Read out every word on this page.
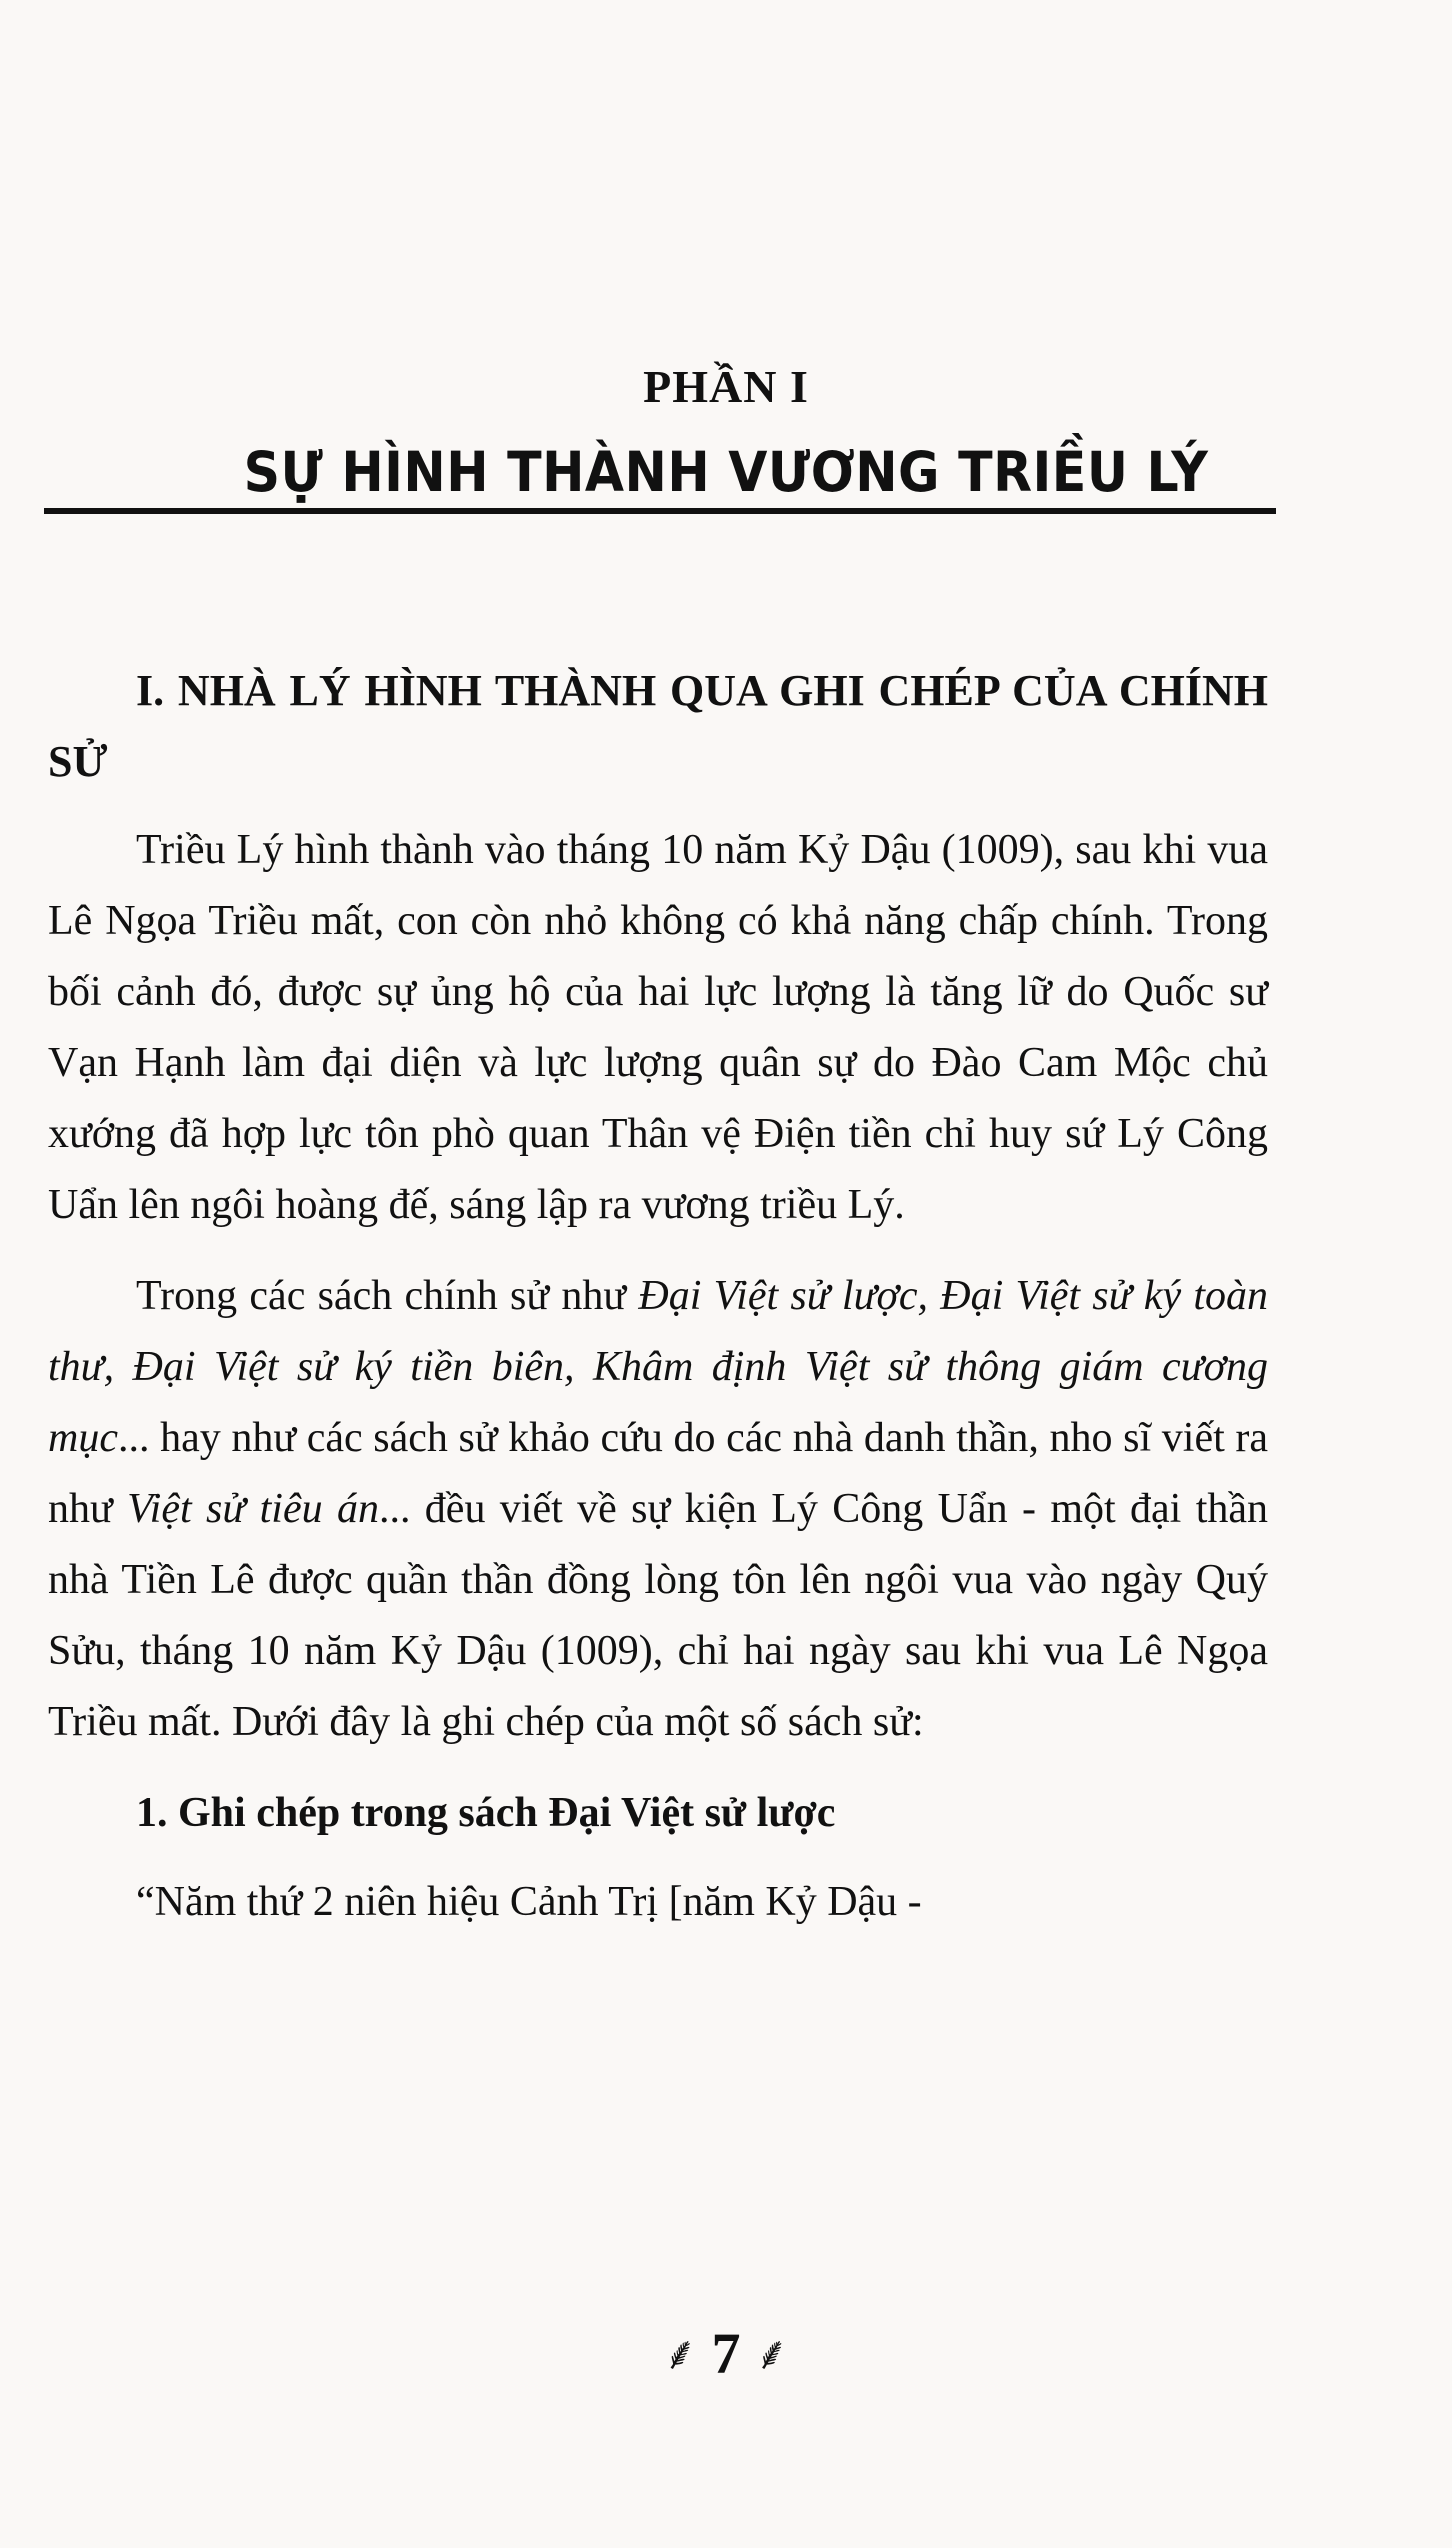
PHẦN I
SỰ HÌNH THÀNH VƯƠNG TRIỀU LÝ
I. NHÀ LÝ HÌNH THÀNH QUA GHI CHÉP CỦA CHÍNH SỬ

Triều Lý hình thành vào tháng 10 năm Kỷ Dậu (1009), sau khi vua Lê Ngọa Triều mất, con còn nhỏ không có khả năng chấp chính. Trong bối cảnh đó, được sự ủng hộ của hai lực lượng là tăng lữ do Quốc sư Vạn Hạnh làm đại diện và lực lượng quân sự do Đào Cam Mộc chủ xướng đã hợp lực tôn phò quan Thân vệ Điện tiền chỉ huy sứ Lý Công Uẩn lên ngôi hoàng đế, sáng lập ra vương triều Lý.

Trong các sách chính sử như Đại Việt sử lược, Đại Việt sử ký toàn thư, Đại Việt sử ký tiền biên, Khâm định Việt sử thông giám cương mục... hay như các sách sử khảo cứu do các nhà danh thần, nho sĩ viết ra như Việt sử tiêu án... đều viết về sự kiện Lý Công Uẩn - một đại thần nhà Tiền Lê được quần thần đồng lòng tôn lên ngôi vua vào ngày Quý Sửu, tháng 10 năm Kỷ Dậu (1009), chỉ hai ngày sau khi vua Lê Ngọa Triều mất. Dưới đây là ghi chép của một số sách sử:

1. Ghi chép trong sách Đại Việt sử lược

“Năm thứ 2 niên hiệu Cảnh Trị [năm Kỷ Dậu -

⸙ 7 ⸙
